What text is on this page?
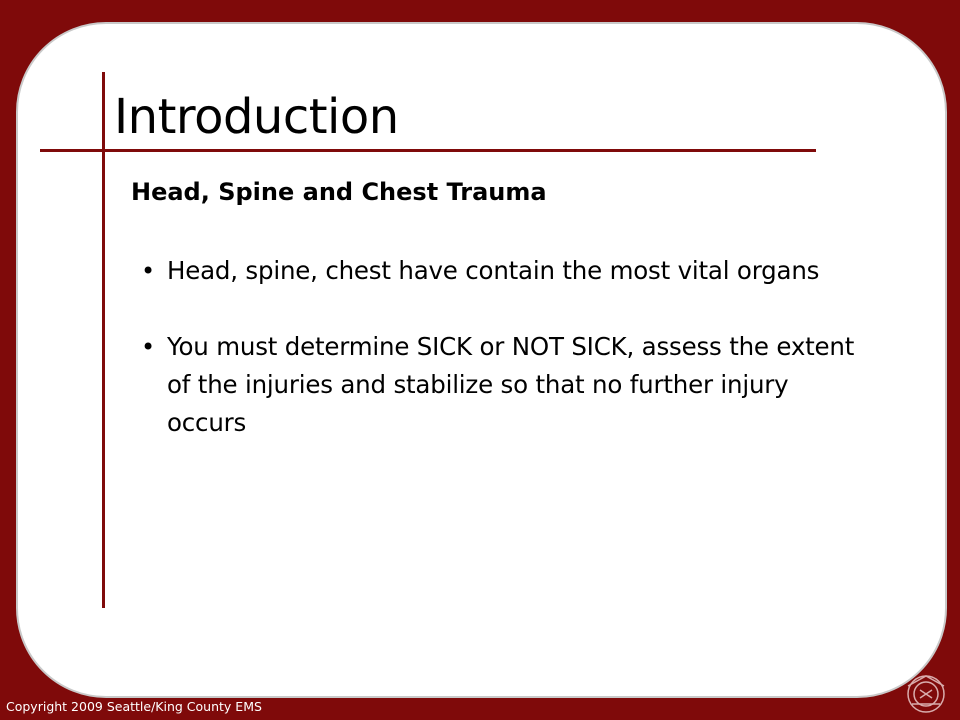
Introduction
Head, Spine and Chest Trauma
• Head, spine, chest have contain the most vital organs
• You must determine SICK or NOT SICK, assess the extent of the injuries and stabilize so that no further injury occurs
Copyright 2009 Seattle/King County EMS
